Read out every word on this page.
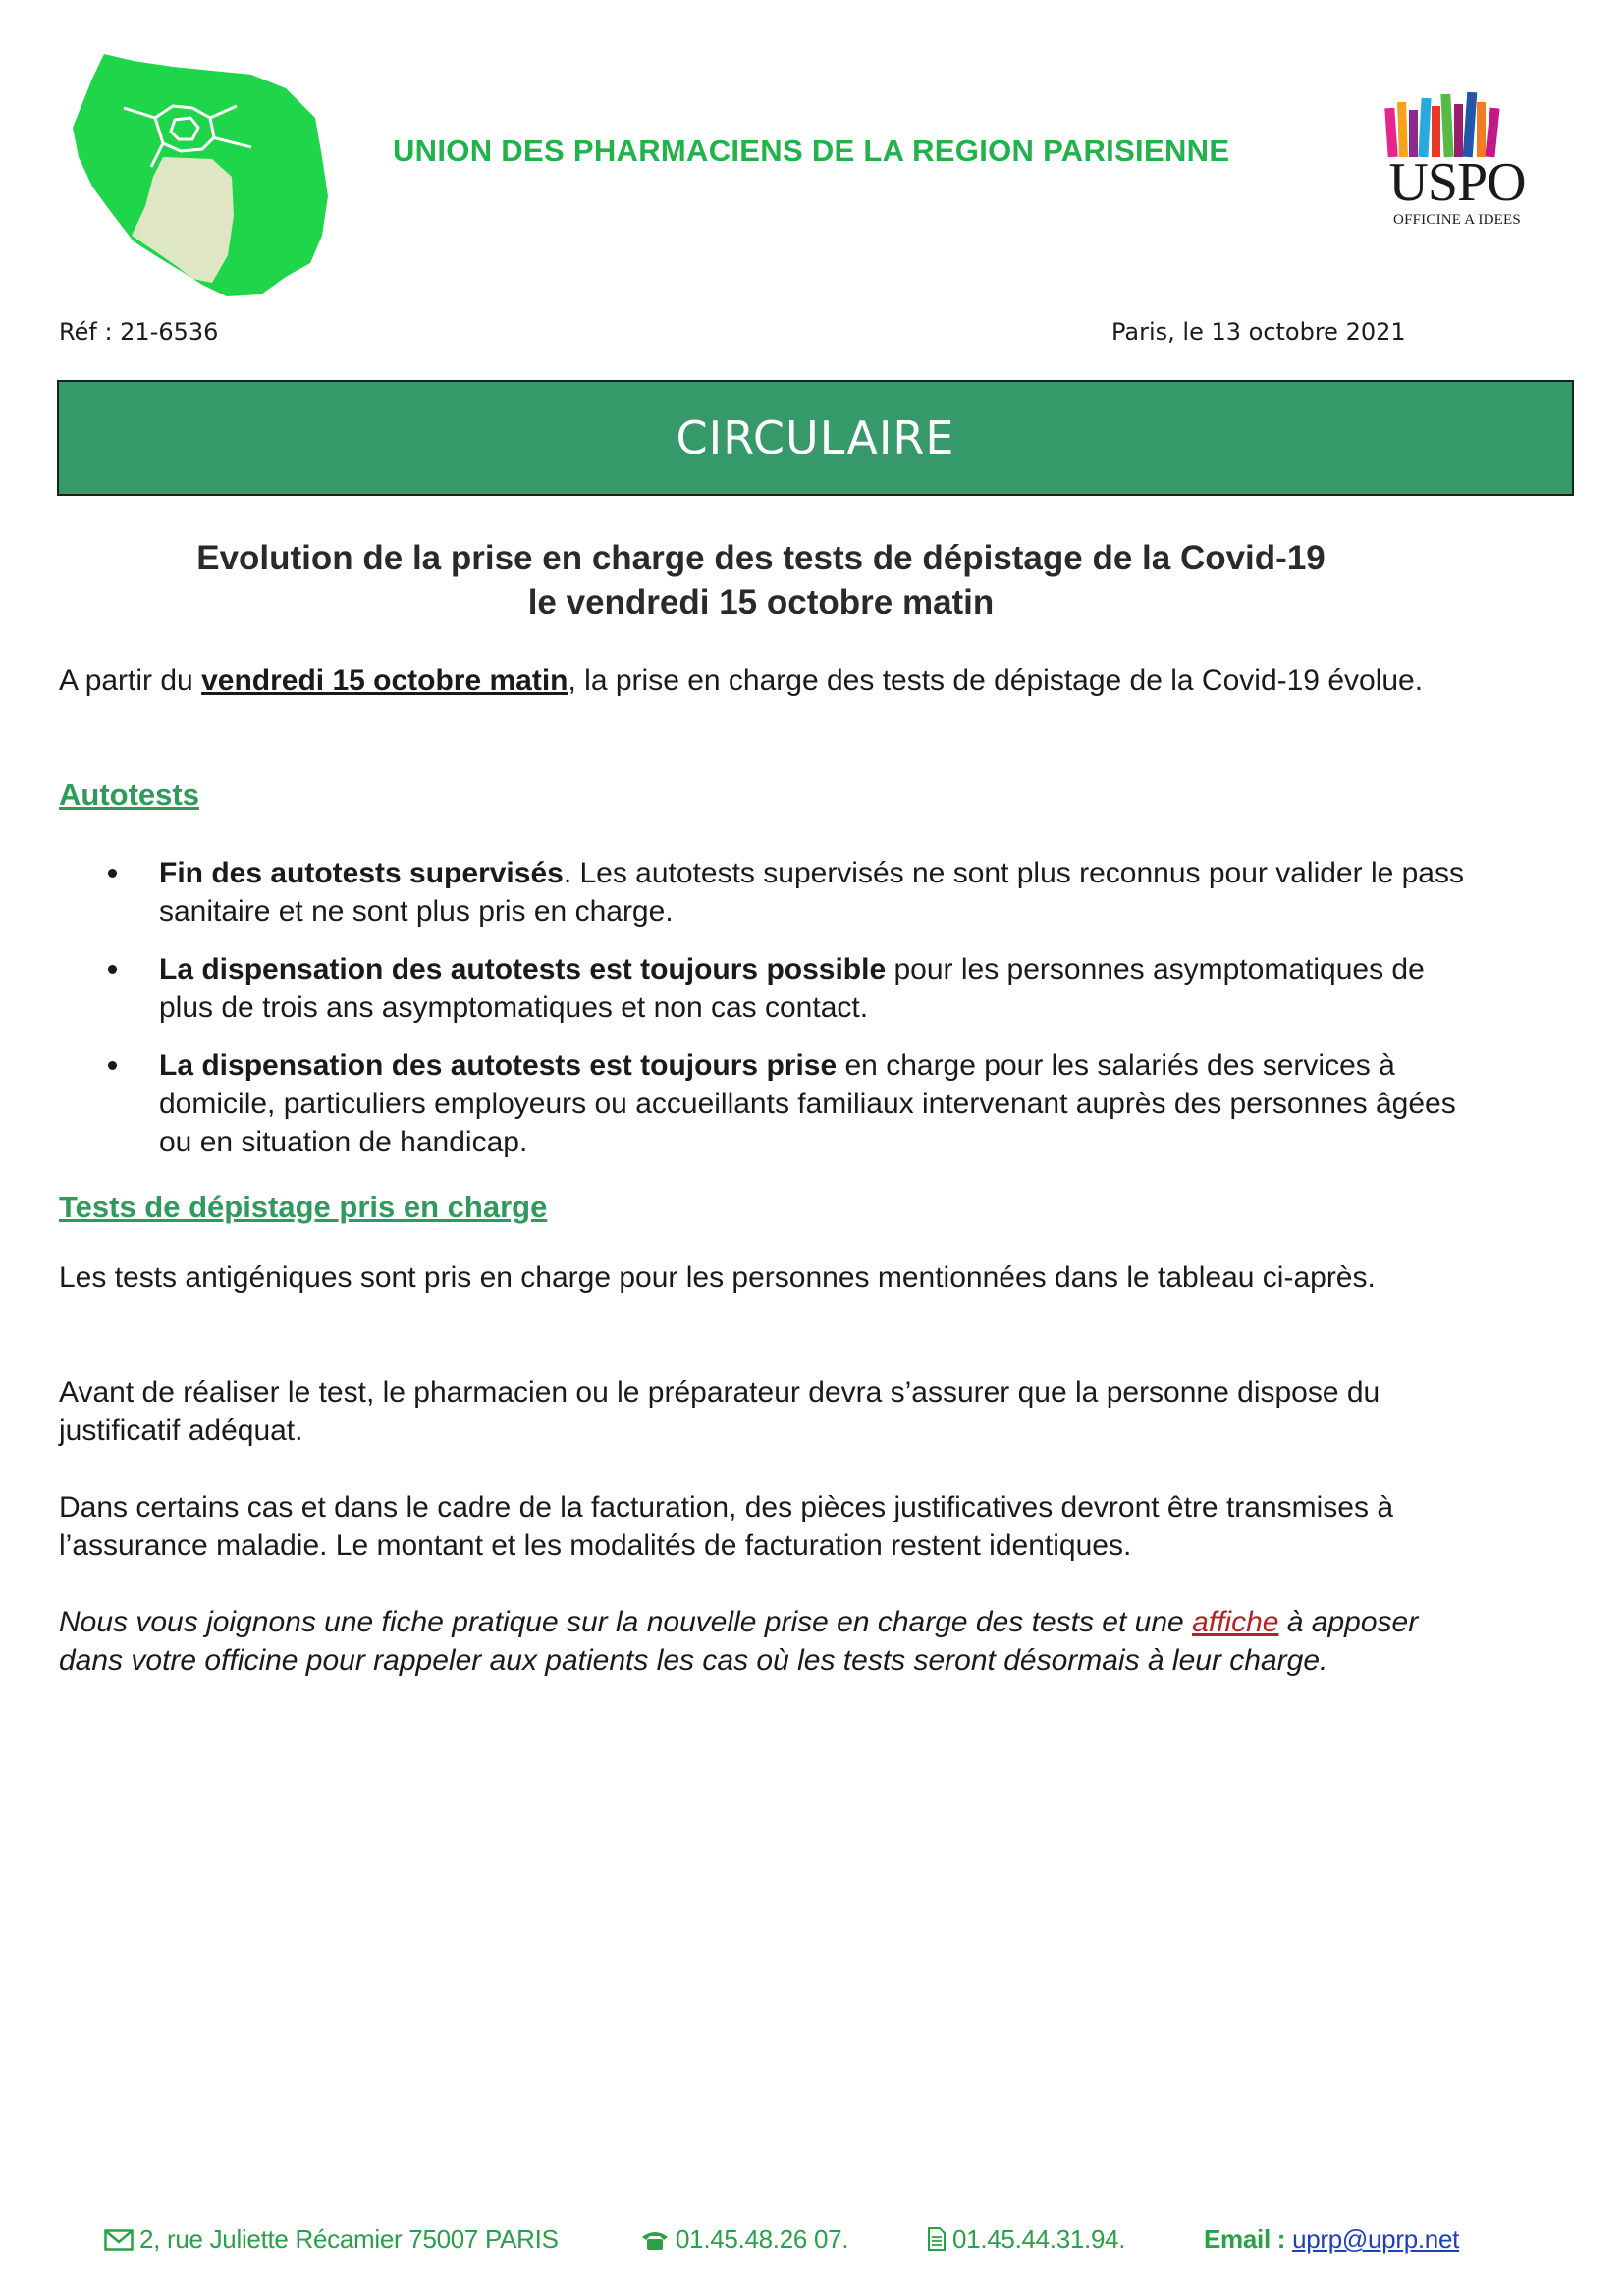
UNION DES PHARMACIENS DE LA REGION PARISIENNE
USPO
OFFICINE A IDEES
Réf : 21-6536	Paris, le 13 octobre 2021
CIRCULAIRE
Evolution de la prise en charge des tests de dépistage de la Covid-19
le vendredi 15 octobre matin
A partir du vendredi 15 octobre matin, la prise en charge des tests de dépistage de la Covid-19 évolue.
Autotests
Fin des autotests supervisés. Les autotests supervisés ne sont plus reconnus pour valider le pass sanitaire et ne sont plus pris en charge.
La dispensation des autotests est toujours possible pour les personnes asymptomatiques de plus de trois ans asymptomatiques et non cas contact.
La dispensation des autotests est toujours prise en charge pour les salariés des services à domicile, particuliers employeurs ou accueillants familiaux intervenant auprès des personnes âgées ou en situation de handicap.
Tests de dépistage pris en charge
Les tests antigéniques sont pris en charge pour les personnes mentionnées dans le tableau ci-après.
Avant de réaliser le test, le pharmacien ou le préparateur devra s’assurer que la personne dispose du justificatif adéquat.
Dans certains cas et dans le cadre de la facturation, des pièces justificatives devront être transmises à l’assurance maladie. Le montant et les modalités de facturation restent identiques.
Nous vous joignons une fiche pratique sur la nouvelle prise en charge des tests et une affiche à apposer dans votre officine pour rappeler aux patients les cas où les tests seront désormais à leur charge.
2, rue Juliette Récamier 75007 PARIS	01.45.48.26 07.	01.45.44.31.94.	Email : uprp@uprp.net
